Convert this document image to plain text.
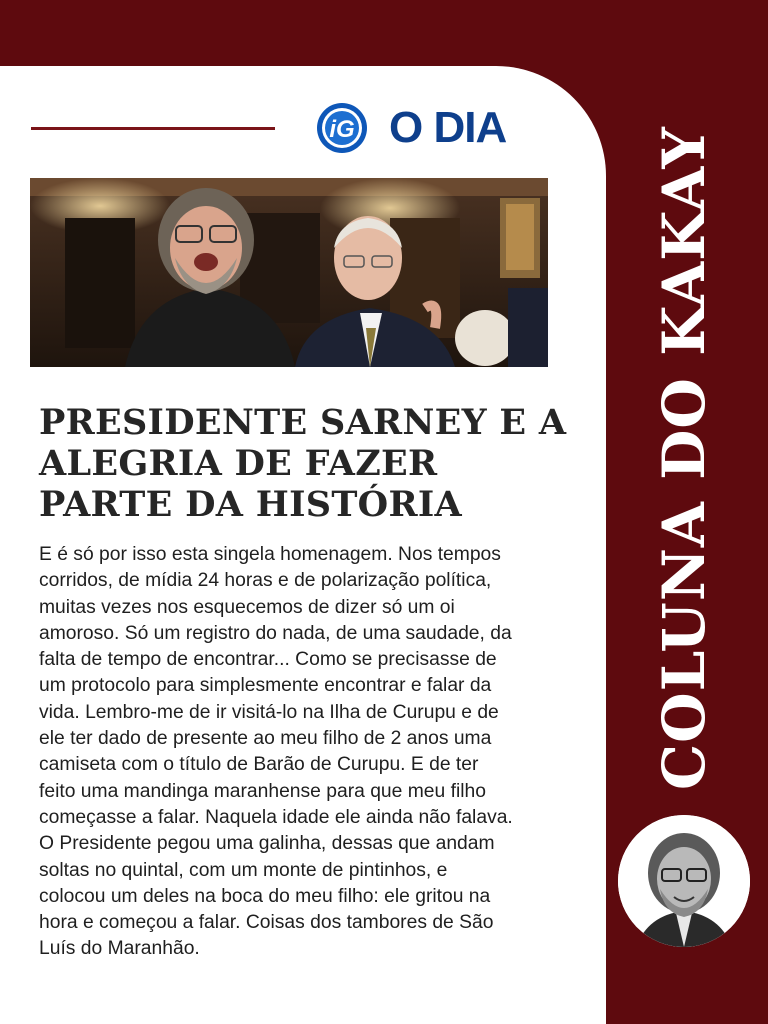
iG O DIA
PRESIDENTE SARNEY E A
ALEGRIA DE FAZER
PARTE DA HISTÓRIA
E é só por isso esta singela homenagem. Nos tempos
corridos, de mídia 24 horas e de polarização política,
muitas vezes nos esquecemos de dizer só um oi
amoroso. Só um registro do nada, de uma saudade, da
falta de tempo de encontrar... Como se precisasse de
um protocolo para simplesmente encontrar e falar da
vida. Lembro-me de ir visitá-lo na Ilha de Curupu e de
ele ter dado de presente ao meu filho de 2 anos uma
camiseta com o título de Barão de Curupu. E de ter
feito uma mandinga maranhense para que meu filho
começasse a falar. Naquela idade ele ainda não falava.
O Presidente pegou uma galinha, dessas que andam
soltas no quintal, com um monte de pintinhos, e
colocou um deles na boca do meu filho: ele gritou na
hora e começou a falar. Coisas dos tambores de São
Luís do Maranhão.
COLUNA DO KAKAY
